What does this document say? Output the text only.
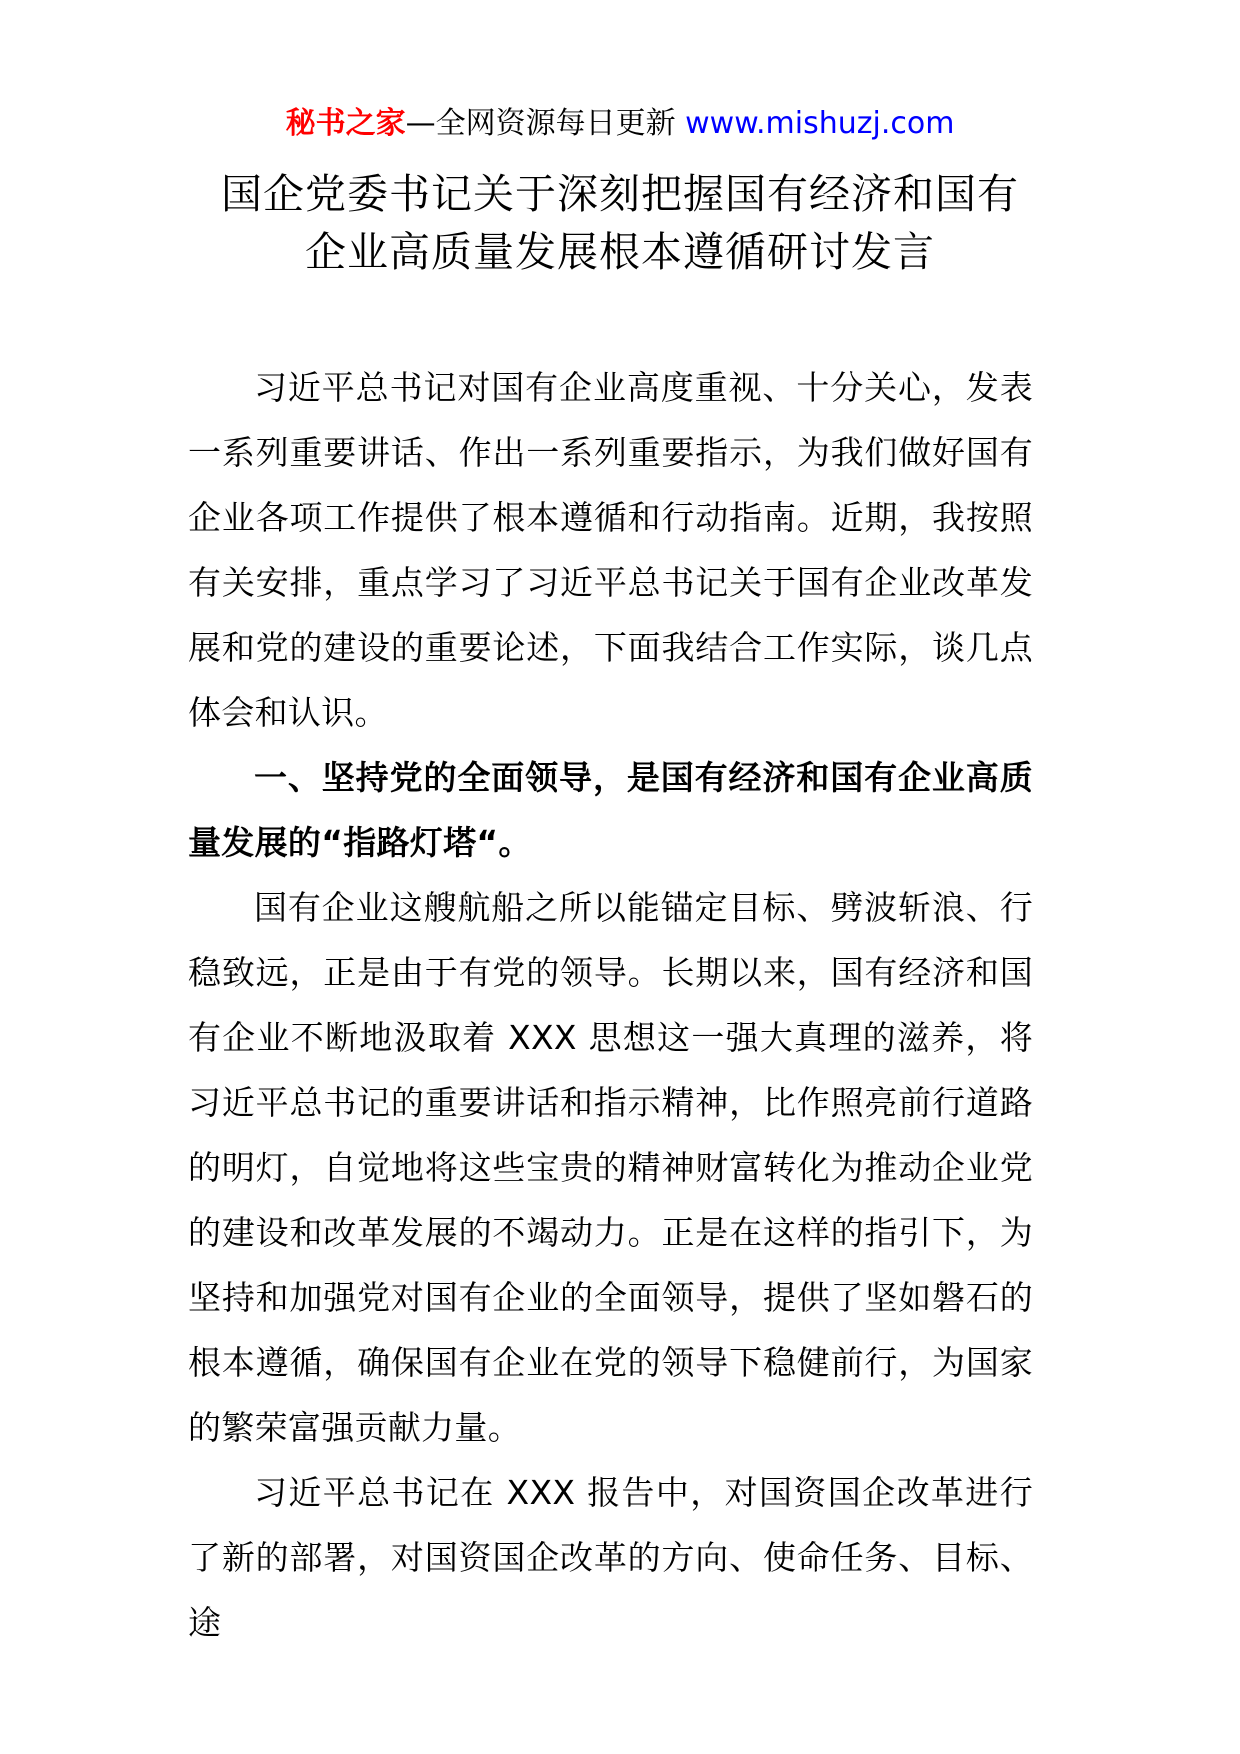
秘书之家—全网资源每日更新 www.mishuzj.com
国企党委书记关于深刻把握国有经济和国有
企业高质量发展根本遵循研讨发言

习近平总书记对国有企业高度重视、十分关心，发表一系列重要讲话、作出一系列重要指示，为我们做好国有企业各项工作提供了根本遵循和行动指南。近期，我按照有关安排，重点学习了习近平总书记关于国有企业改革发展和党的建设的重要论述，下面我结合工作实际，谈几点体会和认识。

一、坚持党的全面领导，是国有经济和国有企业高质量发展的“指路灯塔“。

国有企业这艘航船之所以能锚定目标、劈波斩浪、行稳致远，正是由于有党的领导。长期以来，国有经济和国有企业不断地汲取着 XXX 思想这一强大真理的滋养，将习近平总书记的重要讲话和指示精神，比作照亮前行道路的明灯，自觉地将这些宝贵的精神财富转化为推动企业党的建设和改革发展的不竭动力。正是在这样的指引下，为坚持和加强党对国有企业的全面领导，提供了坚如磐石的根本遵循，确保国有企业在党的领导下稳健前行，为国家的繁荣富强贡献力量。

习近平总书记在 XXX 报告中，对国资国企改革进行了新的部署，对国资国企改革的方向、使命任务、目标、途
